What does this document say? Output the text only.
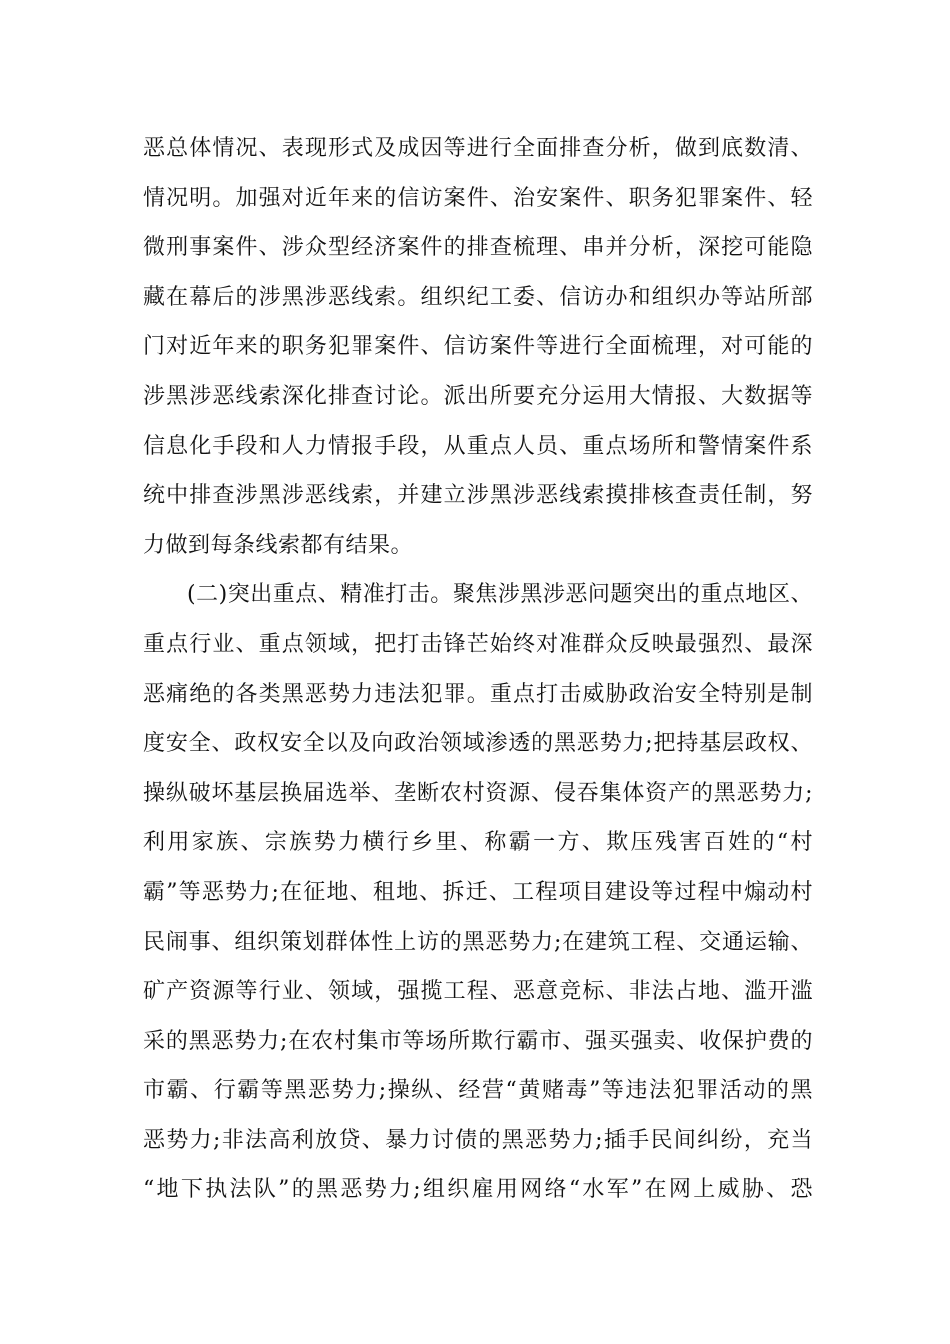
恶总体情况、表现形式及成因等进行全面排查分析，做到底数清、
情况明。加强对近年来的信访案件、治安案件、职务犯罪案件、轻
微刑事案件、涉众型经济案件的排查梳理、串并分析，深挖可能隐
藏在幕后的涉黑涉恶线索。组织纪工委、信访办和组织办等站所部
门对近年来的职务犯罪案件、信访案件等进行全面梳理，对可能的
涉黑涉恶线索深化排查讨论。派出所要充分运用大情报、大数据等
信息化手段和人力情报手段，从重点人员、重点场所和警情案件系
统中排查涉黑涉恶线索，并建立涉黑涉恶线索摸排核查责任制，努
力做到每条线索都有结果。
(二)突出重点、精准打击。聚焦涉黑涉恶问题突出的重点地区、
重点行业、重点领域，把打击锋芒始终对准群众反映最强烈、最深
恶痛绝的各类黑恶势力违法犯罪。重点打击威胁政治安全特别是制
度安全、政权安全以及向政治领域渗透的黑恶势力;把持基层政权、
操纵破坏基层换届选举、垄断农村资源、侵吞集体资产的黑恶势力;
利用家族、宗族势力横行乡里、称霸一方、欺压残害百姓的“村
霸”等恶势力;在征地、租地、拆迁、工程项目建设等过程中煽动村
民闹事、组织策划群体性上访的黑恶势力;在建筑工程、交通运输、
矿产资源等行业、领域，强揽工程、恶意竞标、非法占地、滥开滥
采的黑恶势力;在农村集市等场所欺行霸市、强买强卖、收保护费的
市霸、行霸等黑恶势力;操纵、经营“黄赌毒”等违法犯罪活动的黑
恶势力;非法高利放贷、暴力讨债的黑恶势力;插手民间纠纷，充当
“地下执法队”的黑恶势力;组织雇用网络“水军”在网上威胁、恐
